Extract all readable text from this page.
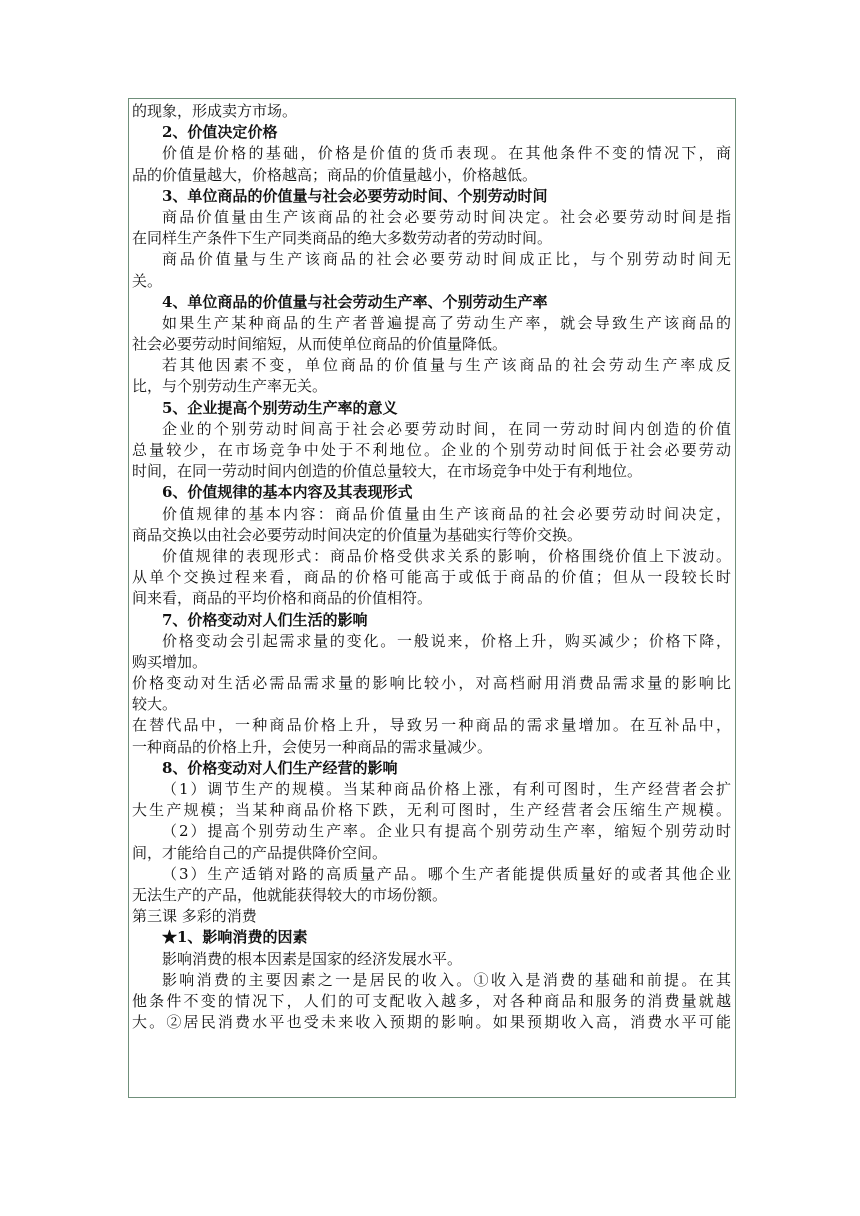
的现象，形成卖方市场。
2、价值决定价格
价值是价格的基础，价格是价值的货币表现。在其他条件不变的情况下，商
品的价值量越大，价格越高；商品的价值量越小，价格越低。
3、单位商品的价值量与社会必要劳动时间、个别劳动时间
商品价值量由生产该商品的社会必要劳动时间决定。社会必要劳动时间是指
在同样生产条件下生产同类商品的绝大多数劳动者的劳动时间。
商品价值量与生产该商品的社会必要劳动时间成正比，与个别劳动时间无
关。
4、单位商品的价值量与社会劳动生产率、个别劳动生产率
如果生产某种商品的生产者普遍提高了劳动生产率，就会导致生产该商品的
社会必要劳动时间缩短，从而使单位商品的价值量降低。
若其他因素不变，单位商品的价值量与生产该商品的社会劳动生产率成反
比，与个别劳动生产率无关。
5、企业提高个别劳动生产率的意义
企业的个别劳动时间高于社会必要劳动时间，在同一劳动时间内创造的价值
总量较少，在市场竞争中处于不利地位。企业的个别劳动时间低于社会必要劳动
时间，在同一劳动时间内创造的价值总量较大，在市场竞争中处于有利地位。
6、价值规律的基本内容及其表现形式
价值规律的基本内容：商品价值量由生产该商品的社会必要劳动时间决定，
商品交换以由社会必要劳动时间决定的价值量为基础实行等价交换。
价值规律的表现形式：商品价格受供求关系的影响，价格围绕价值上下波动。
从单个交换过程来看，商品的价格可能高于或低于商品的价值；但从一段较长时
间来看，商品的平均价格和商品的价值相符。
7、价格变动对人们生活的影响
价格变动会引起需求量的变化。一般说来，价格上升，购买减少；价格下降，
购买增加。
价格变动对生活必需品需求量的影响比较小，对高档耐用消费品需求量的影响比
较大。
在替代品中，一种商品价格上升，导致另一种商品的需求量增加。在互补品中，
一种商品的价格上升，会使另一种商品的需求量减少。
8、价格变动对人们生产经营的影响
（1）调节生产的规模。当某种商品价格上涨，有利可图时，生产经营者会扩
大生产规模；当某种商品价格下跌，无利可图时，生产经营者会压缩生产规模。
（2）提高个别劳动生产率。企业只有提高个别劳动生产率，缩短个别劳动时
间，才能给自己的产品提供降价空间。
（3）生产适销对路的高质量产品。哪个生产者能提供质量好的或者其他企业
无法生产的产品，他就能获得较大的市场份额。
第三课 多彩的消费
★1、影响消费的因素
影响消费的根本因素是国家的经济发展水平。
影响消费的主要因素之一是居民的收入。①收入是消费的基础和前提。在其
他条件不变的情况下，人们的可支配收入越多，对各种商品和服务的消费量就越
大。②居民消费水平也受未来收入预期的影响。如果预期收入高，消费水平可能
